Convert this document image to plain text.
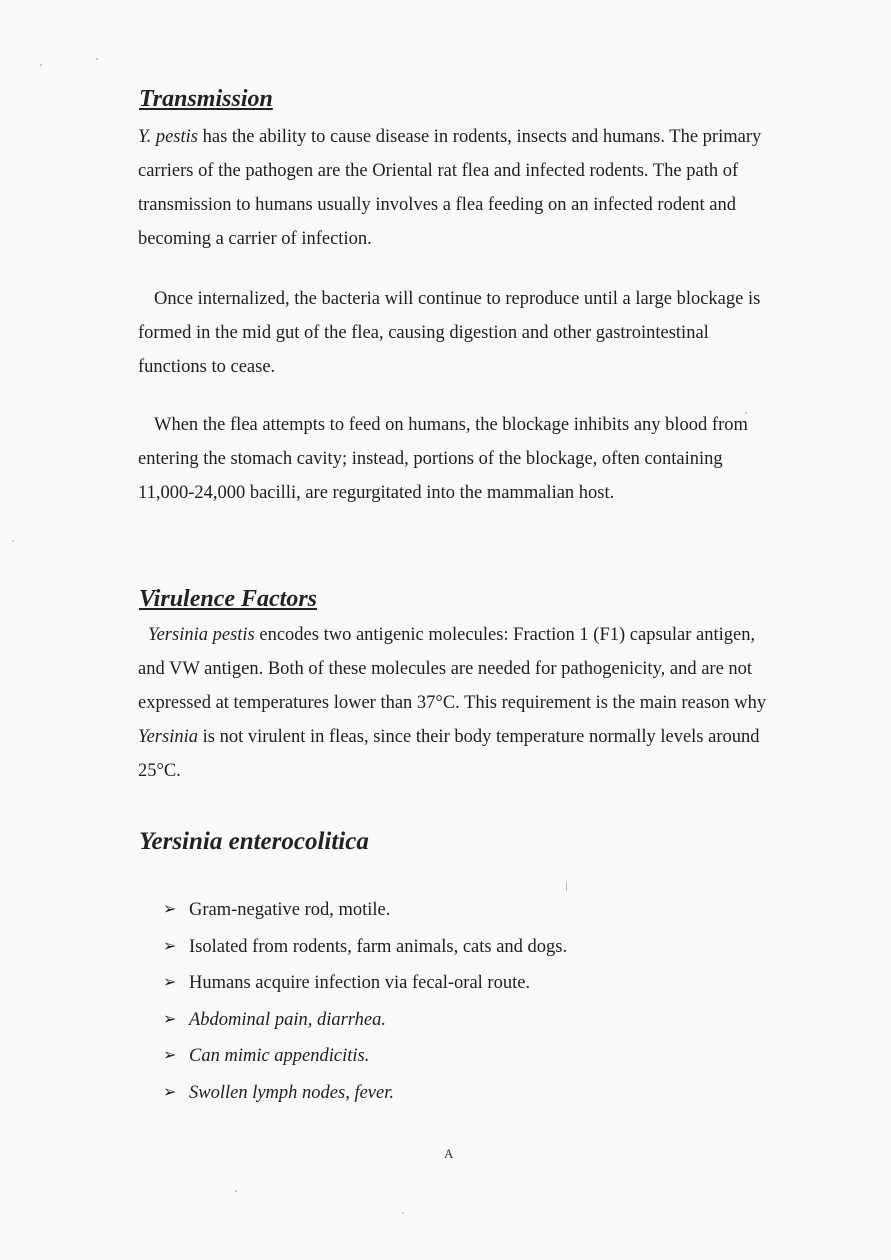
Transmission

Y. pestis has the ability to cause disease in rodents, insects and humans. The primary carriers of the pathogen are the Oriental rat flea and infected rodents. The path of transmission to humans usually involves a flea feeding on an infected rodent and becoming a carrier of infection.

Once internalized, the bacteria will continue to reproduce until a large blockage is formed in the mid gut of the flea, causing digestion and other gastrointestinal functions to cease.

When the flea attempts to feed on humans, the blockage inhibits any blood from entering the stomach cavity; instead, portions of the blockage, often containing 11,000-24,000 bacilli, are regurgitated into the mammalian host.

Virulence Factors

Yersinia pestis encodes two antigenic molecules: Fraction 1 (F1) capsular antigen, and VW antigen. Both of these molecules are needed for pathogenicity, and are not expressed at temperatures lower than 37°C. This requirement is the main reason why Yersinia is not virulent in fleas, since their body temperature normally levels around 25°C.

Yersinia enterocolitica
➢ Gram-negative rod, motile.
➢ Isolated from rodents, farm animals, cats and dogs.
➢ Humans acquire infection via fecal-oral route.
➢ Abdominal pain, diarrhea.
➢ Can mimic appendicitis.
➢ Swollen lymph nodes, fever.
A
